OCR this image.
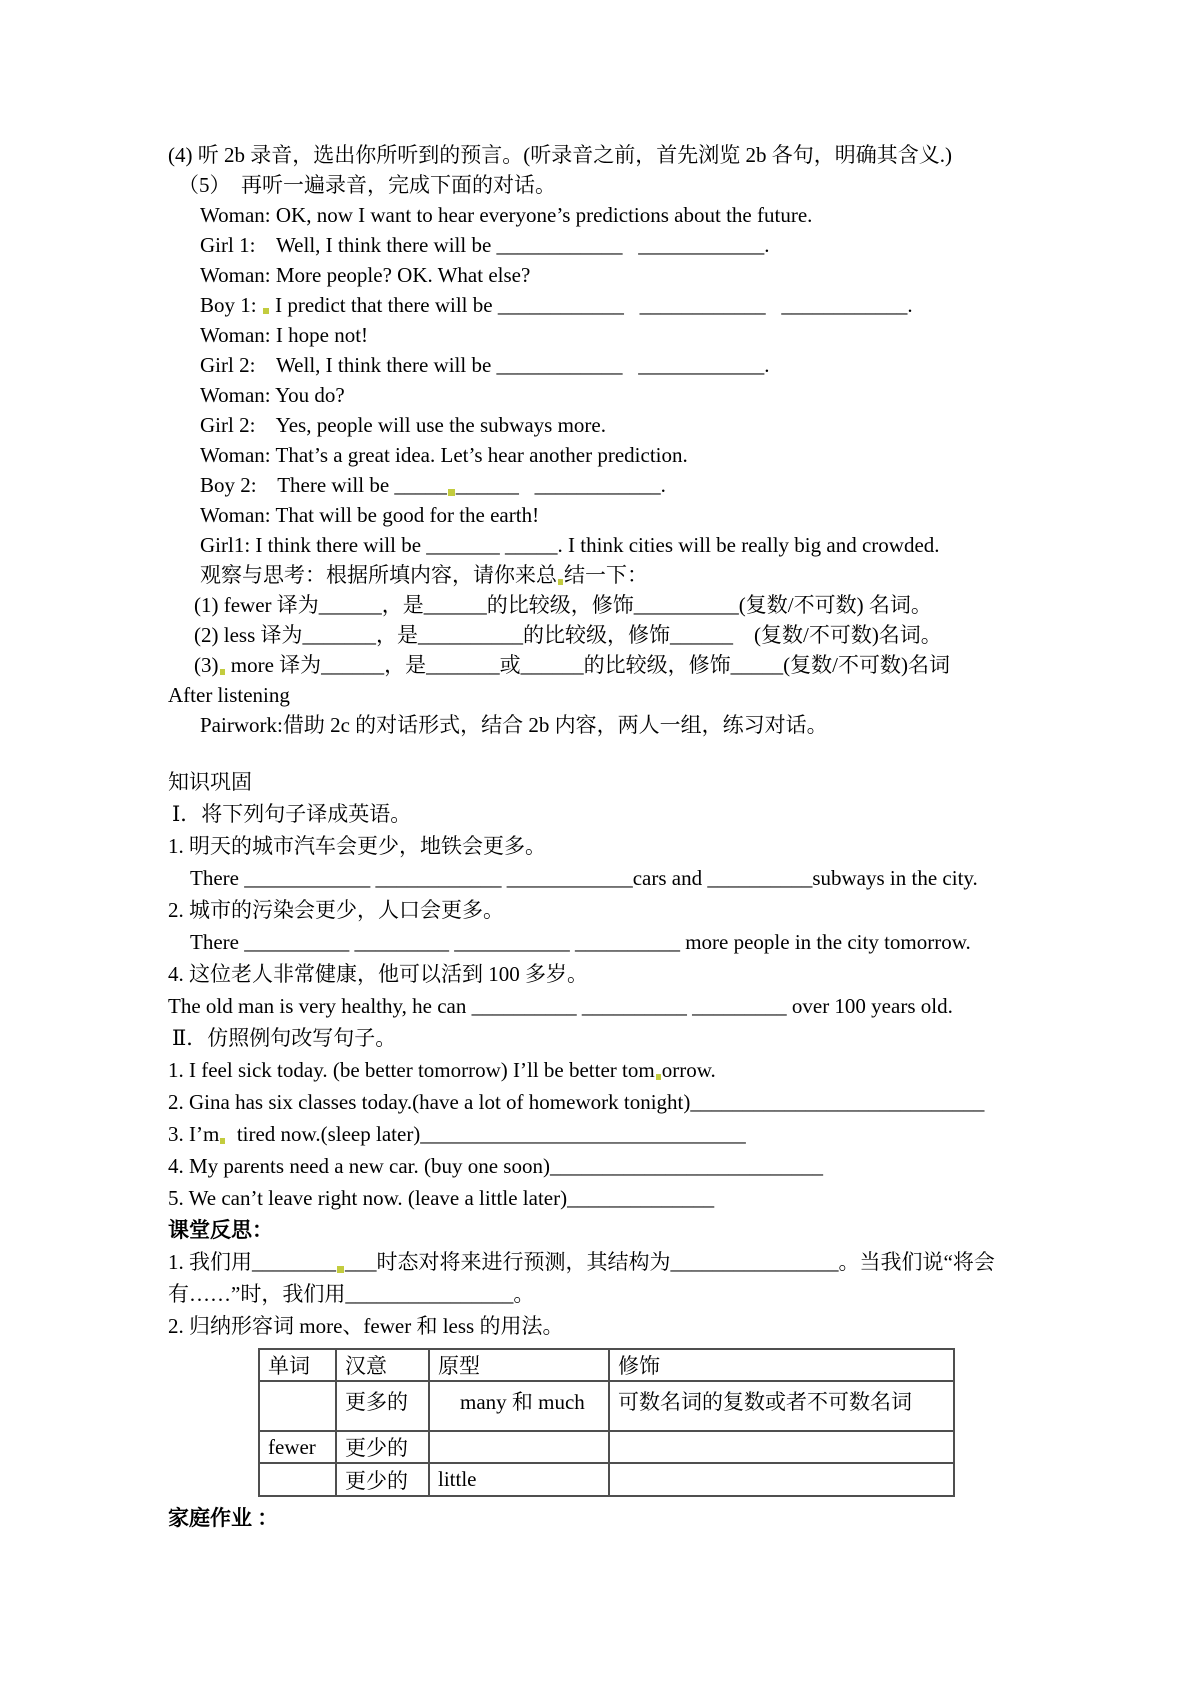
(4) 听 2b 录音，选出你所听到的预言。(听录音之前，首先浏览 2b 各句，明确其含义.)
（5）  再听一遍录音，完成下面的对话。
Woman: OK, now I want to hear everyone’s predictions about the future.
Girl 1:    Well, I think there will be ____________   ____________.
Woman: More people? OK. What else?
Boy 1:  I predict that there will be ____________   ____________   ____________.
Woman: I hope not!
Girl 2:    Well, I think there will be ____________   ____________.
Woman: You do?
Girl 2:    Yes, people will use the subways more.
Woman: That’s a great idea. Let’s hear another prediction.
Boy 2:    There will be _____ ______   ____________.
Woman: That will be good for the earth!
Girl1: I think there will be _______ _____. I think cities will be really big and crowded.
观察与思考：根据所填内容，请你来总 结一下：
(1) fewer 译为______，是______的比较级，修饰__________(复数/不可数) 名词。
(2) less 译为_______，是__________的比较级，修饰______    (复数/不可数)名词。
(3) more 译为______，是_______或______的比较级，修饰_____(复数/不可数)名词
After listening
Pairwork:借助 2c 的对话形式，结合 2b 内容，两人一组，练习对话。
知识巩固
Ⅰ．将下列句子译成英语。
1. 明天的城市汽车会更少，地铁会更多。
There ____________ ____________ ____________cars and __________subways in the city.
2. 城市的污染会更少，人口会更多。
There __________ _________ ___________ __________ more people in the city tomorrow.
4. 这位老人非常健康，他可以活到 100 多岁。
The old man is very healthy, he can __________ __________ _________ over 100 years old.
Ⅱ．仿照例句改写句子。
1. I feel sick today. (be better tomorrow) I’ll be better tom orrow.
2. Gina has six classes today.(have a lot of homework tonight)____________________________
3. I’m  tired now.(sleep later)_______________________________
4. My parents need a new car. (buy one soon)__________________________
5. We can’t leave right now. (leave a little later)______________
课堂反思：
1. 我们用________ ___时态对将来进行预测，其结构为________________。当我们说“将会
有……”时，我们用________________。
2. 归纳形容词 more、fewer 和 less 的用法。
单词	汉意	原型	修饰
	更多的	many 和 much	可数名词的复数或者不可数名词
fewer	更少的		
	更少的	little	
家庭作业 ：
